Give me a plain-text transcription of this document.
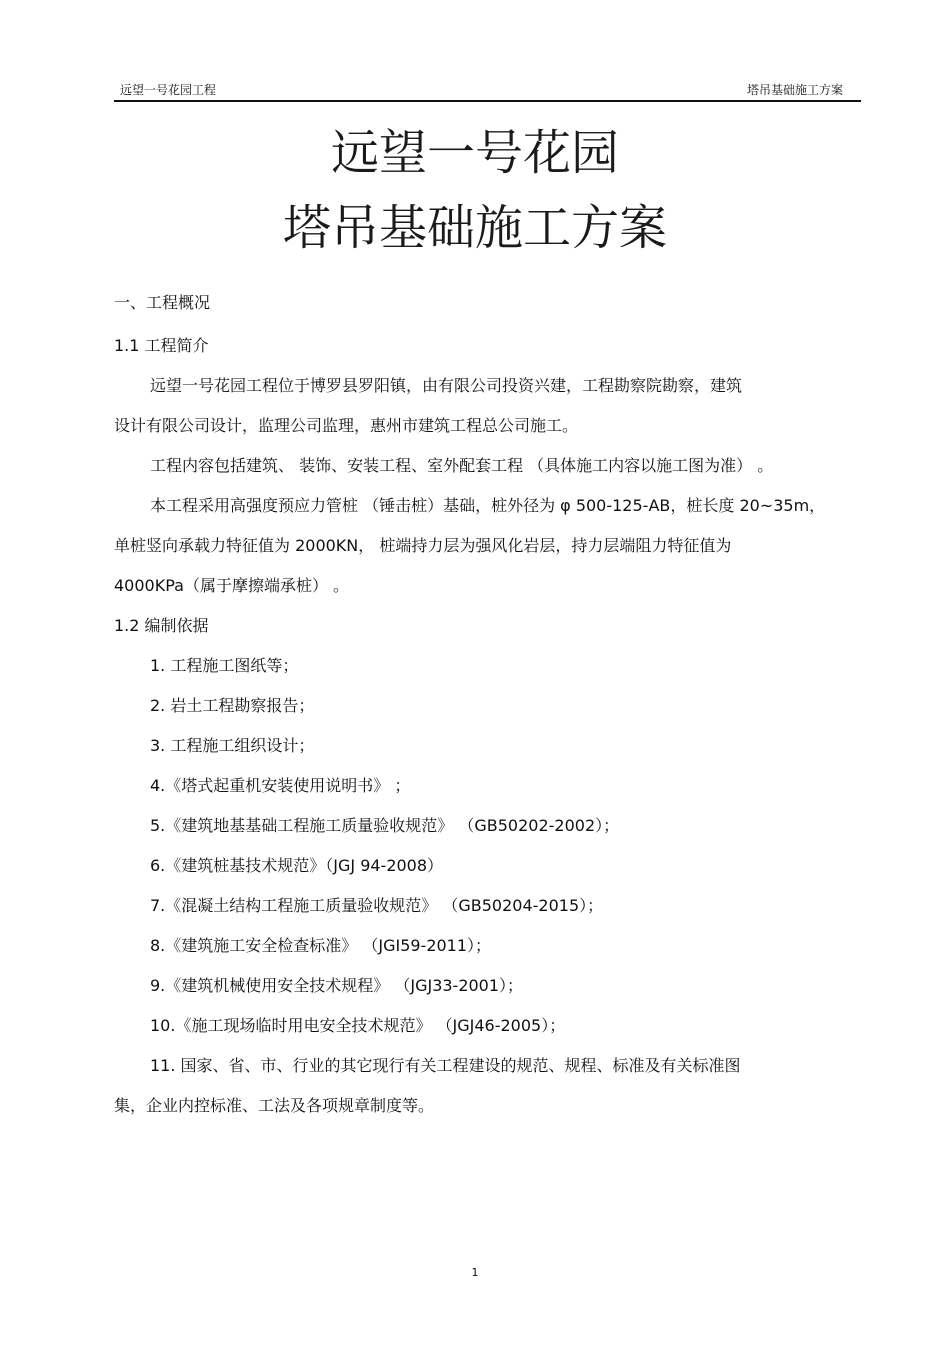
远望一号花园工程	塔吊基础施工方案
远望一号花园
塔吊基础施工方案
一、工程概况
1.1 工程简介
远望一号花园工程位于博罗县罗阳镇，由有限公司投资兴建，工程勘察院勘察，建筑
设计有限公司设计，监理公司监理，惠州市建筑工程总公司施工。
工程内容包括建筑、 装饰、安装工程、室外配套工程 （具体施工内容以施工图为准） 。
本工程采用高强度预应力管桩 （锤击桩）基础，桩外径为 φ 500-125-AB，桩长度 20~35m，
单桩竖向承载力特征值为 2000KN， 桩端持力层为强风化岩层，持力层端阻力特征值为
4000KPa（属于摩擦端承桩） 。
1.2 编制依据
1. 工程施工图纸等；
2. 岩土工程勘察报告；
3. 工程施工组织设计；
4.《塔式起重机安装使用说明书》 ；
5.《建筑地基基础工程施工质量验收规范》 （GB50202-2002）；
6.《建筑桩基技术规范》（JGJ 94-2008）
7.《混凝土结构工程施工质量验收规范》 （GB50204-2015）；
8.《建筑施工安全检查标准》 （JGI59-2011）；
9.《建筑机械使用安全技术规程》 （JGJ33-2001）；
10.《施工现场临时用电安全技术规范》 （JGJ46-2005）；
11. 国家、省、市、行业的其它现行有关工程建设的规范、规程、标准及有关标准图
集，企业内控标准、工法及各项规章制度等。
1
